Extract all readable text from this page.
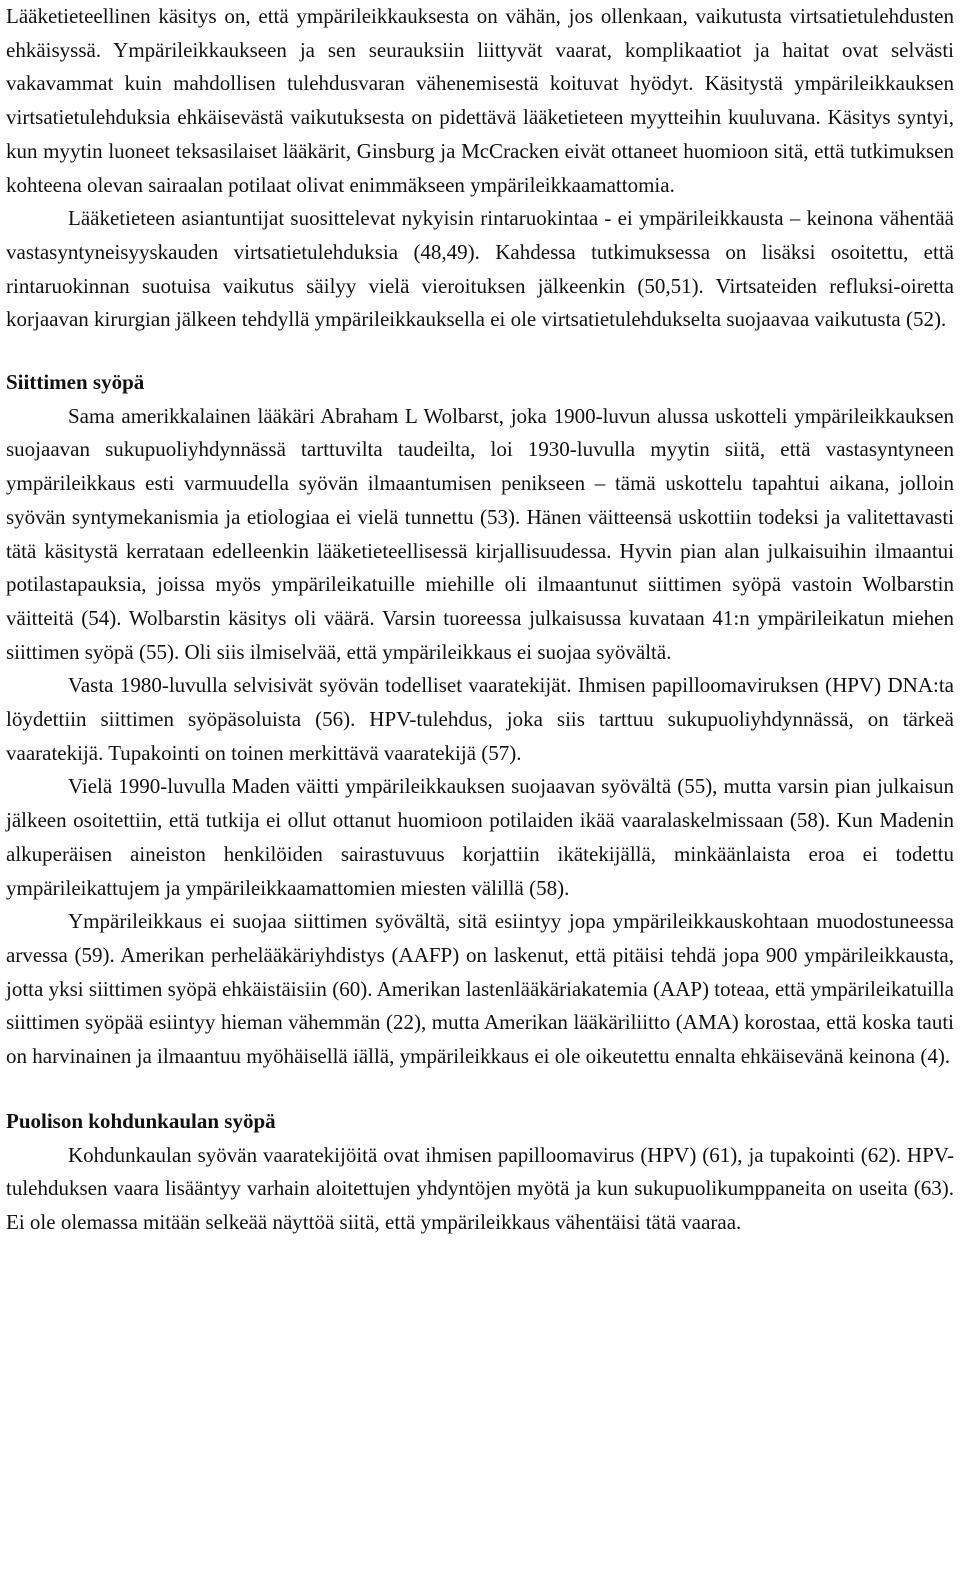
Lääketieteellinen käsitys on, että ympärileikkauksesta on vähän, jos ollenkaan, vaikutusta virtsatietulehdusten ehkäisyssä. Ympärileikkaukseen ja sen seurauksiin liittyvät vaarat, komplikaatiot ja haitat ovat selvästi vakavammat kuin mahdollisen tulehdusvaran vähenemisestä koituvat hyödyt. Käsitystä ympärileikkauksen virtsatietulehduksia ehkäisevästä vaikutuksesta on pidettävä lääketieteen myytteihin kuuluvana. Käsitys syntyi, kun myytin luoneet teksasilaiset lääkärit, Ginsburg ja McCracken eivät ottaneet huomioon sitä, että tutkimuksen kohteena olevan sairaalan potilaat olivat enimmäkseen ympärileikkaamattomia.

Lääketieteen asiantuntijat suosittelevat nykyisin rintaruokintaa - ei ympärileikkausta – keinona vähentää vastasyntyneisyyskauden virtsatietulehduksia (48,49). Kahdessa tutkimuksessa on lisäksi osoitettu, että rintaruokinnan suotuisa vaikutus säilyy vielä vieroituksen jälkeenkin (50,51). Virtsateiden refluksi-oiretta korjaavan kirurgian jälkeen tehdyllä ympärileikkauksella ei ole virtsatietulehdukselta suojaavaa vaikutusta (52).

Siittimen syöpä

Sama amerikkalainen lääkäri Abraham L Wolbarst, joka 1900-luvun alussa uskotteli ympärileikkauksen suojaavan sukupuoliyhdynnässä tarttuvilta taudeilta, loi 1930-luvulla myytin siitä, että vastasyntyneen ympärileikkaus esti varmuudella syövän ilmaantumisen penikseen – tämä uskottelu tapahtui aikana, jolloin syövän syntymekanismia ja etiologiaa ei vielä tunnettu (53). Hänen väitteensä uskottiin todeksi ja valitettavasti tätä käsitystä kerrataan edelleenkin lääketieteellisessä kirjallisuudessa. Hyvin pian alan julkaisuihin ilmaantui potilastapauksia, joissa myös ympärileikatuille miehille oli ilmaantunut siittimen syöpä vastoin Wolbarstin väitteitä (54). Wolbarstin käsitys oli väärä. Varsin tuoreessa julkaisussa kuvataan 41:n ympärileikatun miehen siittimen syöpä (55). Oli siis ilmiselvää, että ympärileikkaus ei suojaa syövältä.

Vasta 1980-luvulla selvisivät syövän todelliset vaaratekijät. Ihmisen papilloomaviruksen (HPV) DNA:ta löydettiin siittimen syöpäsoluista (56). HPV-tulehdus, joka siis tarttuu sukupuoliyhdynnässä, on tärkeä vaaratekijä. Tupakointi on toinen merkittävä vaaratekijä (57).

Vielä 1990-luvulla Maden väitti ympärileikkauksen suojaavan syövältä (55), mutta varsin pian julkaisun jälkeen osoitettiin, että tutkija ei ollut ottanut huomioon potilaiden ikää vaaralaskelmissaan (58). Kun Madenin alkuperäisen aineiston henkilöiden sairastuvuus korjattiin ikätekijällä, minkäänlaista eroa ei todettu ympärileikattujem ja ympärileikkaamattomien miesten välillä (58).

Ympärileikkaus ei suojaa siittimen syövältä, sitä esiintyy jopa ympärileikkauskohtaan muodostuneessa arvessa (59). Amerikan perhelääkäriyhdistys (AAFP) on laskenut, että pitäisi tehdä jopa 900 ympärileikkausta, jotta yksi siittimen syöpä ehkäistäisiin (60). Amerikan lastenlääkäriakatemia (AAP) toteaa, että ympärileikatuilla siittimen syöpää esiintyy hieman vähemmän (22), mutta Amerikan lääkäriliitto (AMA) korostaa, että koska tauti on harvinainen ja ilmaantuu myöhäisellä iällä, ympärileikkaus ei ole oikeutettu ennalta ehkäisevänä keinona (4).

Puolison kohdunkaulan syöpä

Kohdunkaulan syövän vaaratekijöitä ovat ihmisen papilloomavirus (HPV) (61), ja tupakointi (62). HPV-tulehduksen vaara lisääntyy varhain aloitettujen yhdyntöjen myötä ja kun sukupuolikumppaneita on useita (63). Ei ole olemassa mitään selkeää näyttöä siitä, että ympärileikkaus vähentäisi tätä vaaraa.
